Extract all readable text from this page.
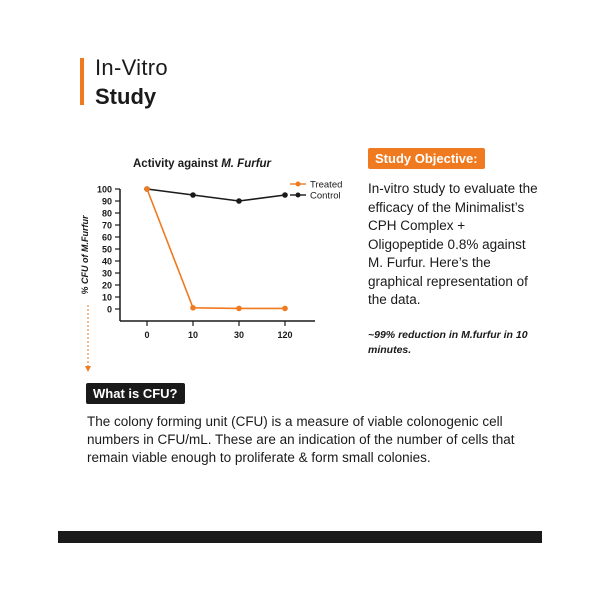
In-Vitro
Study
Activity against M. Furfur
0
10
20
30
40
50
60
70
80
90
100
0	10	30	120
% CFU of M.Furfur
Treated
Control
Study Objective:
In-vitro study to evaluate the efficacy of the Minimalist’s CPH Complex + Oligopeptide 0.8% against M. Furfur. Here’s the graphical representation of the data.
~99% reduction in M.furfur in 10 minutes.
What is CFU?
The colony forming unit (CFU) is a measure of viable colonogenic cell numbers in CFU/mL. These are an indication of the number of cells that remain viable enough to proliferate & form small colonies.
